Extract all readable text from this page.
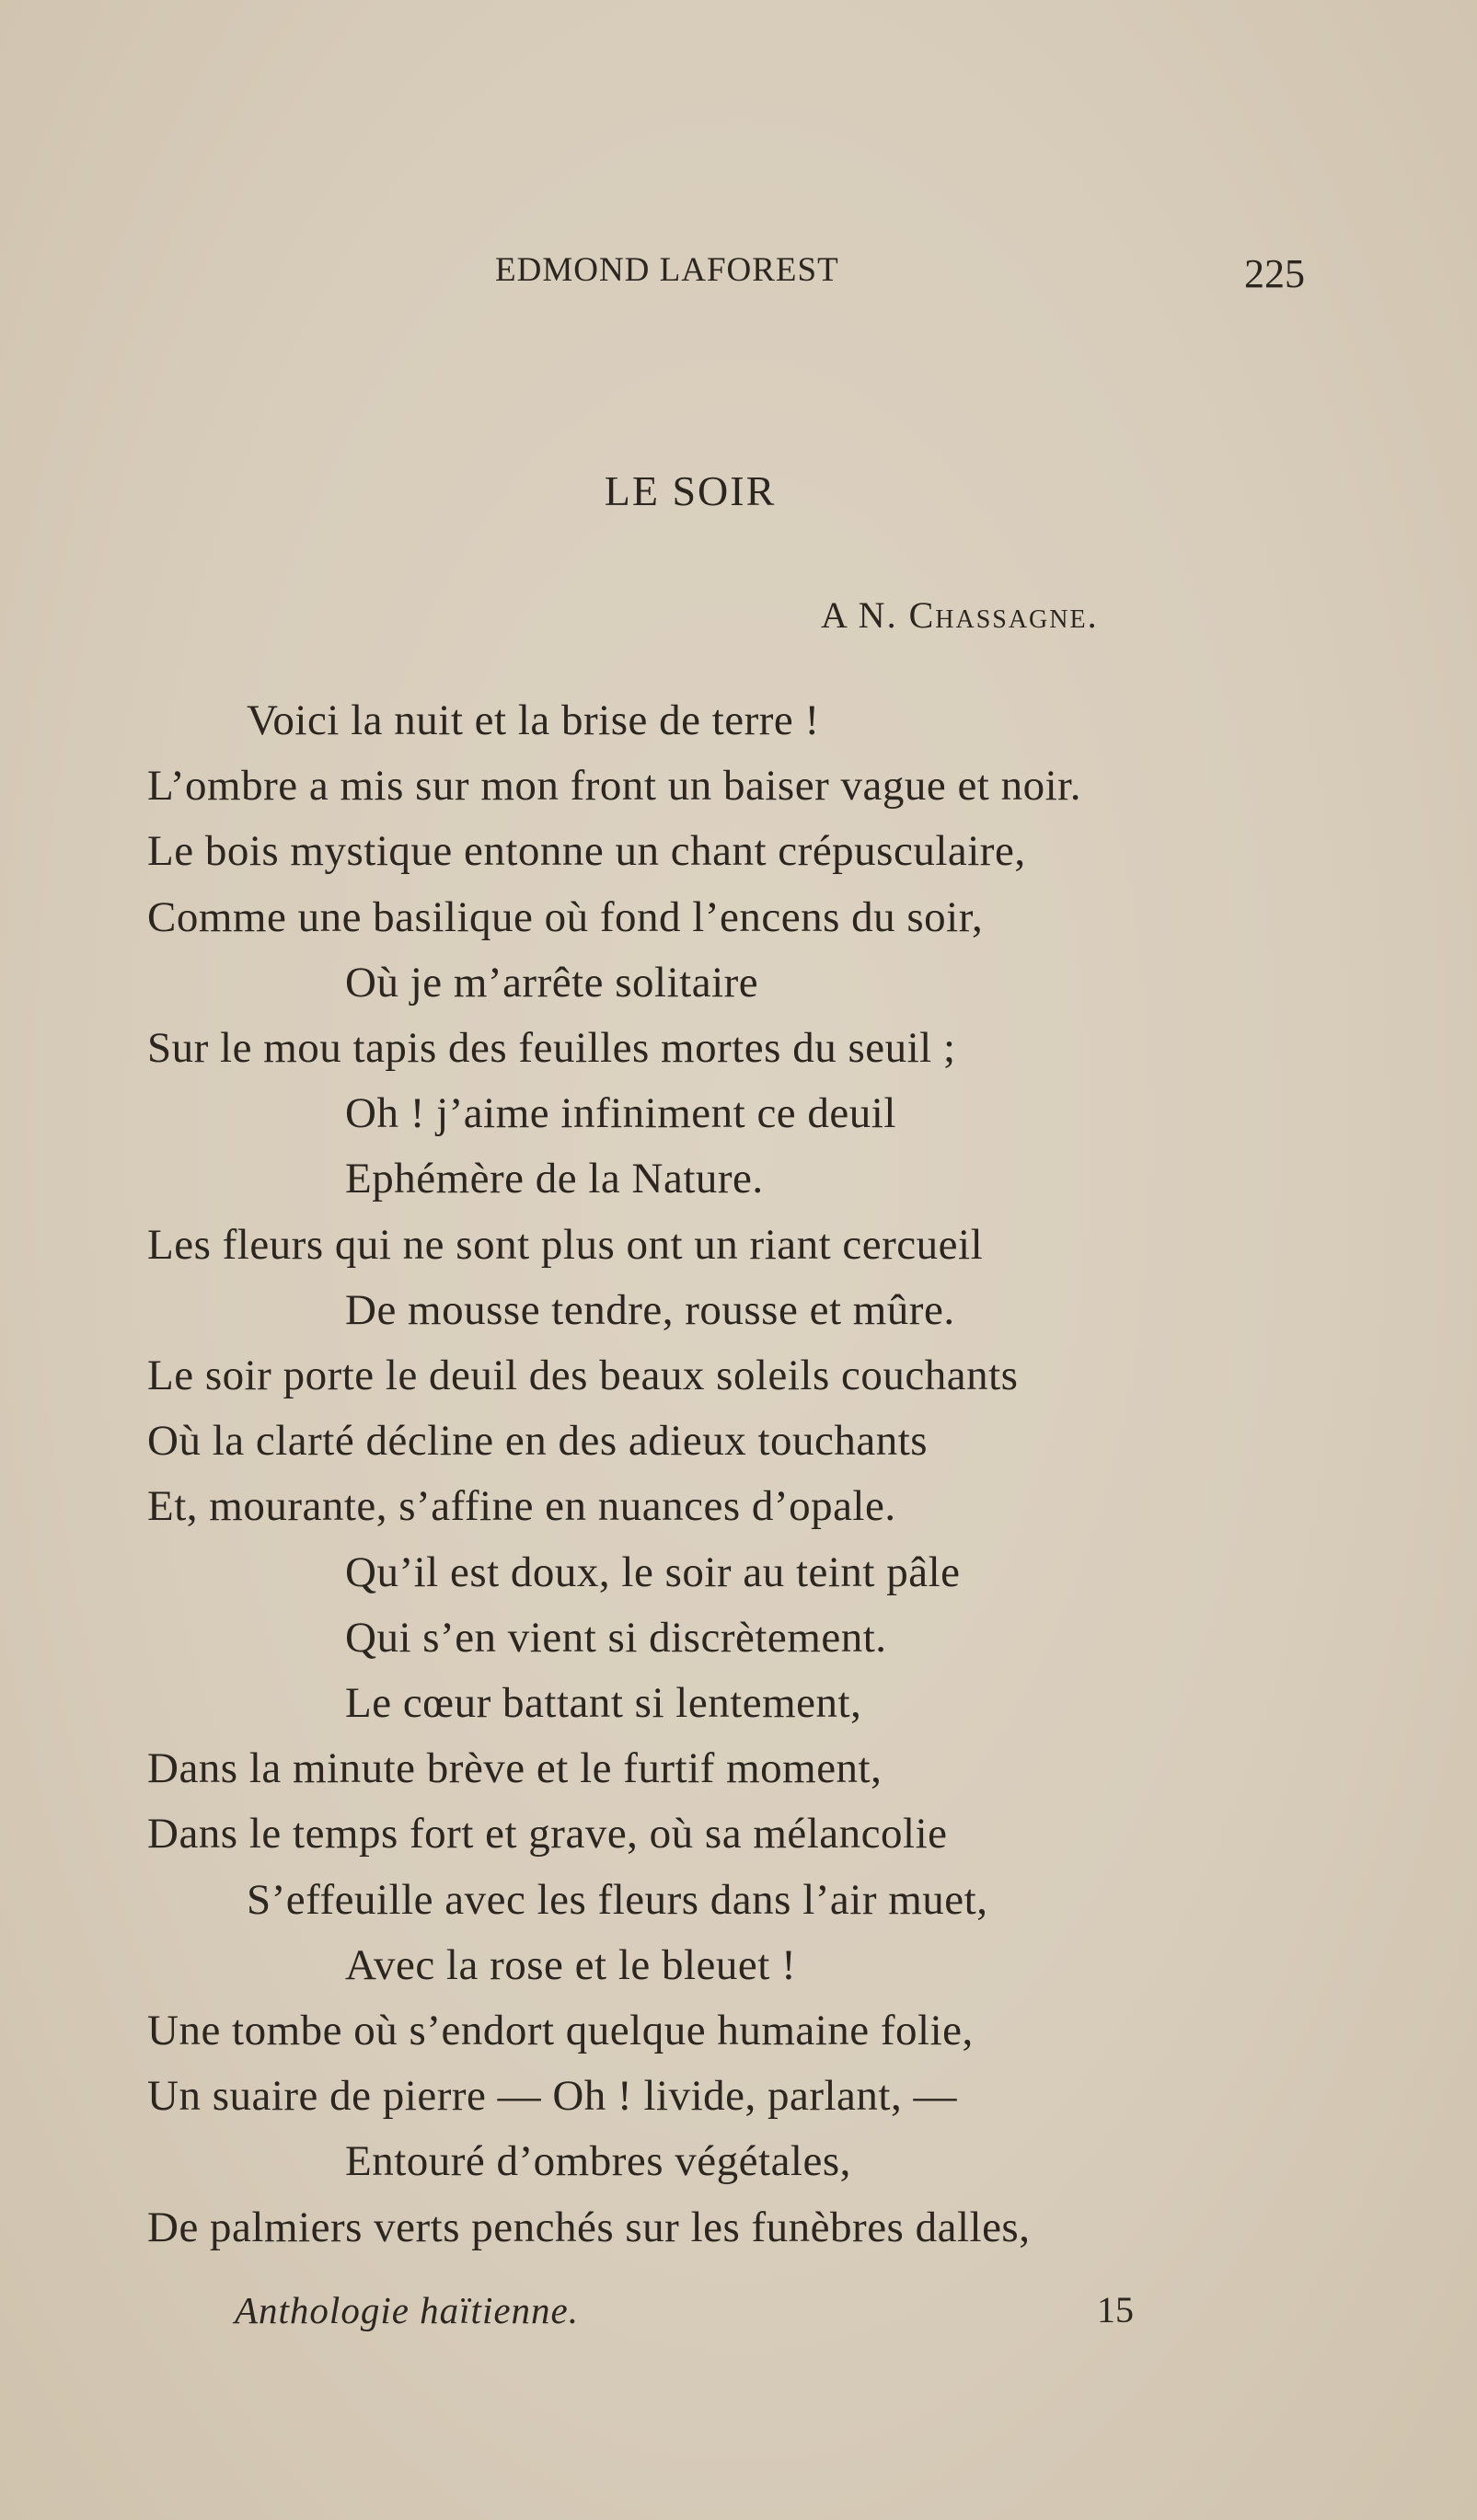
EDMOND LAFOREST	225
LE SOIR
A N. Chassagne.
Voici la nuit et la brise de terre !
L’ombre a mis sur mon front un baiser vague et noir.
Le bois mystique entonne un chant crépusculaire,
Comme une basilique où fond l’encens du soir,
Où je m’arrête solitaire
Sur le mou tapis des feuilles mortes du seuil ;
Oh ! j’aime infiniment ce deuil
Ephémère de la Nature.
Les fleurs qui ne sont plus ont un riant cercueil
De mousse tendre, rousse et mûre.
Le soir porte le deuil des beaux soleils couchants
Où la clarté décline en des adieux touchants
Et, mourante, s’affine en nuances d’opale.
Qu’il est doux, le soir au teint pâle
Qui s’en vient si discrètement.
Le cœur battant si lentement,
Dans la minute brève et le furtif moment,
Dans le temps fort et grave, où sa mélancolie
S’effeuille avec les fleurs dans l’air muet,
Avec la rose et le bleuet !
Une tombe où s’endort quelque humaine folie,
Un suaire de pierre — Oh ! livide, parlant, —
Entouré d’ombres végétales,
De palmiers verts penchés sur les funèbres dalles,
Anthologie haïtienne.	15
